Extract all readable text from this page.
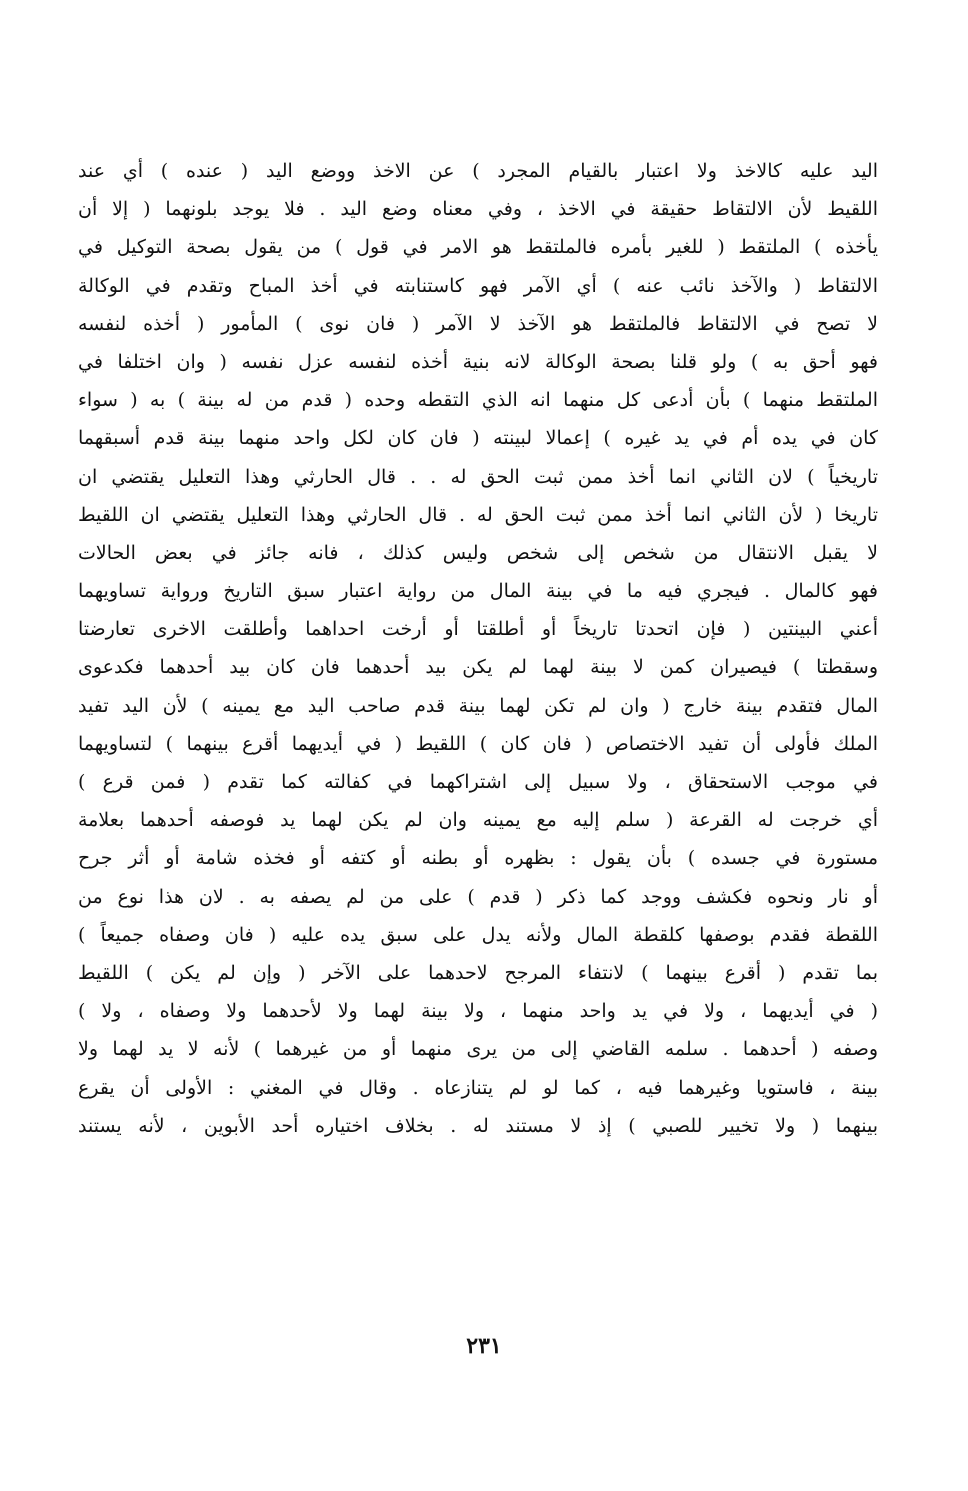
اليد عليه كالاخذ ولا اعتبار بالقيام المجرد ) عن الاخذ ووضع اليد ( عنده ) أي عند
اللقيط لأن الالتقاط حقيقة في الاخذ ، وفي معناه وضع اليد . فلا يوجد بلونهما ( إلا أن
يأخذه ) الملتقط ( للغير بأمره فالملتقط هو الامر في قول ) من يقول بصحة التوكيل في
الالتقاط ( والآخذ نائب عنه ) أي الآمر فهو كاستنابته في أخذ المباح وتقدم في الوكالة
لا تصح في الالتقاط فالملتقط هو الآخذ لا الآمر ( فان نوى ) المأمور ( أخذه لنفسه
فهو أحق به ) ولو قلنا بصحة الوكالة لانه بنية أخذه لنفسه عزل نفسه ( وان اختلفا في
الملتقط منهما ) بأن أدعى كل منهما انه الذي التقطه وحده ( قدم من له بينة ) به ( سواء
كان في يده أم في يد غيره ) إعمالا لبينته ( فان كان لكل واحد منهما بينة قدم أسبقهما
تاريخياً ) لان الثاني انما أخذ ممن ثبت الحق له . . قال الحارثي وهذا التعليل يقتضي ان
تاريخا ( لأن الثاني انما أخذ ممن ثبت الحق له . قال الحارثي وهذا التعليل يقتضي ان اللقيط
لا يقبل الانتقال من شخص إلى شخص وليس كذلك ، فانه جائز في بعض الحالات
فهو كالمال . فيجري فيه ما في بينة المال من رواية اعتبار سبق التاريخ ورواية تساويهما
أعني البينتين ( فإن اتحدتا تاريخاً أو أطلقتا أو أرخت احداهما وأطلقت الاخرى تعارضتا
وسقطتا ) فيصيران كمن لا بينة لهما لم يكن بيد أحدهما فان كان بيد أحدهما فكدعوى
المال فتقدم بينة خارج ( وان لم تكن لهما بينة قدم صاحب اليد مع يمينه ) لأن اليد تفيد
الملك فأولى أن تفيد الاختصاص ( فان كان ) اللقيط ( في أيديهما أقرع بينهما ) لتساويهما
في موجب الاستحقاق ، ولا سبيل إلى اشتراكهما في كفالته كما تقدم ( فمن قرع )
أي خرجت له القرعة ( سلم إليه مع يمينه وان لم يكن لهما يد فوصفه أحدهما بعلامة
مستورة في جسده ) بأن يقول : بظهره أو بطنه أو كتفه أو فخذه شامة أو أثر جرح
أو نار ونحوه فكشف ووجد كما ذكر ( قدم ) على من لم يصفه به . لان هذا نوع من
اللقطة فقدم بوصفها كلقطة المال ولأنه يدل على سبق يده عليه ( فان وصفاه جميعاً )
بما تقدم ( أقرع بينهما ) لانتفاء المرجح لاحدهما على الآخر ( وإن لم يكن ) اللقيط
( في أيديهما ، ولا في يد واحد منهما ، ولا بينة لهما ولا لأحدهما ولا وصفاه ، ولا )
وصفه ( أحدهما . سلمه القاضي إلى من يرى منهما أو من غيرهما ) لأنه لا يد لهما ولا
بينة ، فاستويا وغيرهما فيه ، كما لو لم يتنازعاه . وقال في المغني : الأولى أن يقرع
بينهما ( ولا تخيير للصبي ) إذ لا مستند له . بخلاف اختياره أحد الأبوين ، لأنه يستند
٢٣١
